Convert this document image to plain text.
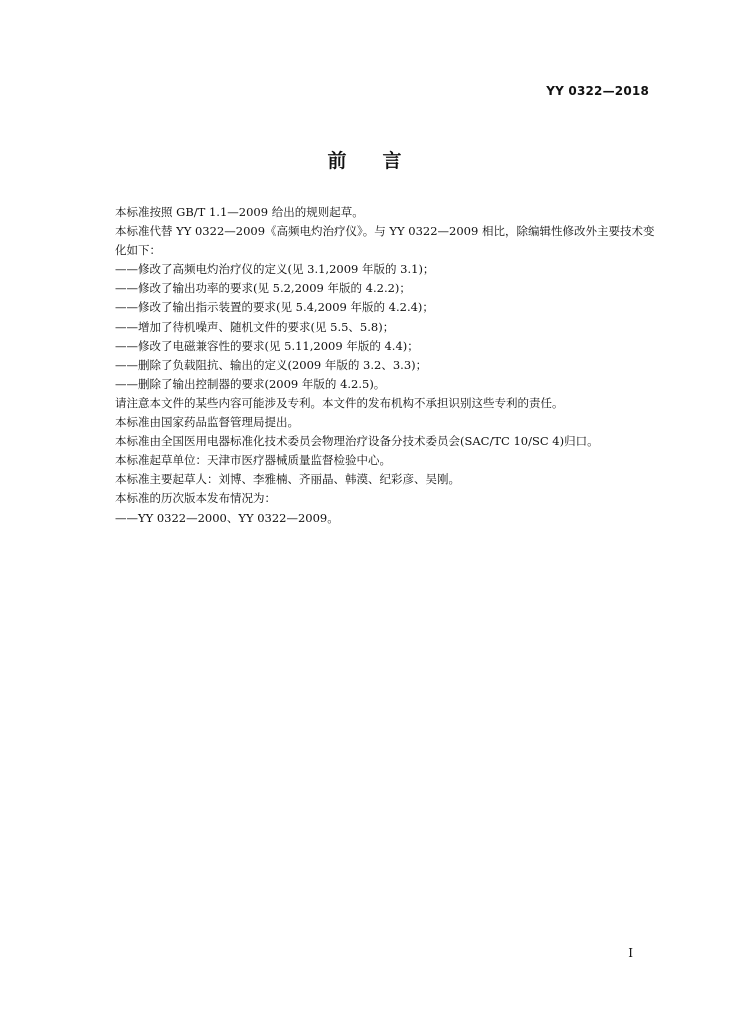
YY 0322—2018
前言

本标准按照 GB/T 1.1—2009 给出的规则起草。

本标准代替 YY 0322—2009《高频电灼治疗仪》。与 YY 0322—2009 相比，除编辑性修改外主要技术变化如下：

——修改了高频电灼治疗仪的定义(见 3.1,2009 年版的 3.1)；

——修改了输出功率的要求(见 5.2,2009 年版的 4.2.2)；

——修改了输出指示装置的要求(见 5.4,2009 年版的 4.2.4)；

——增加了待机噪声、随机文件的要求(见 5.5、5.8)；

——修改了电磁兼容性的要求(见 5.11,2009 年版的 4.4)；

——删除了负载阻抗、输出的定义(2009 年版的 3.2、3.3)；

——删除了输出控制器的要求(2009 年版的 4.2.5)。

请注意本文件的某些内容可能涉及专利。本文件的发布机构不承担识别这些专利的责任。

本标准由国家药品监督管理局提出。

本标准由全国医用电器标准化技术委员会物理治疗设备分技术委员会(SAC/TC 10/SC 4)归口。

本标准起草单位：天津市医疗器械质量监督检验中心。

本标准主要起草人：刘博、李雅楠、齐丽晶、韩漠、纪彩彦、吴刚。

本标准的历次版本发布情况为：

——YY 0322—2000、YY 0322—2009。

I
